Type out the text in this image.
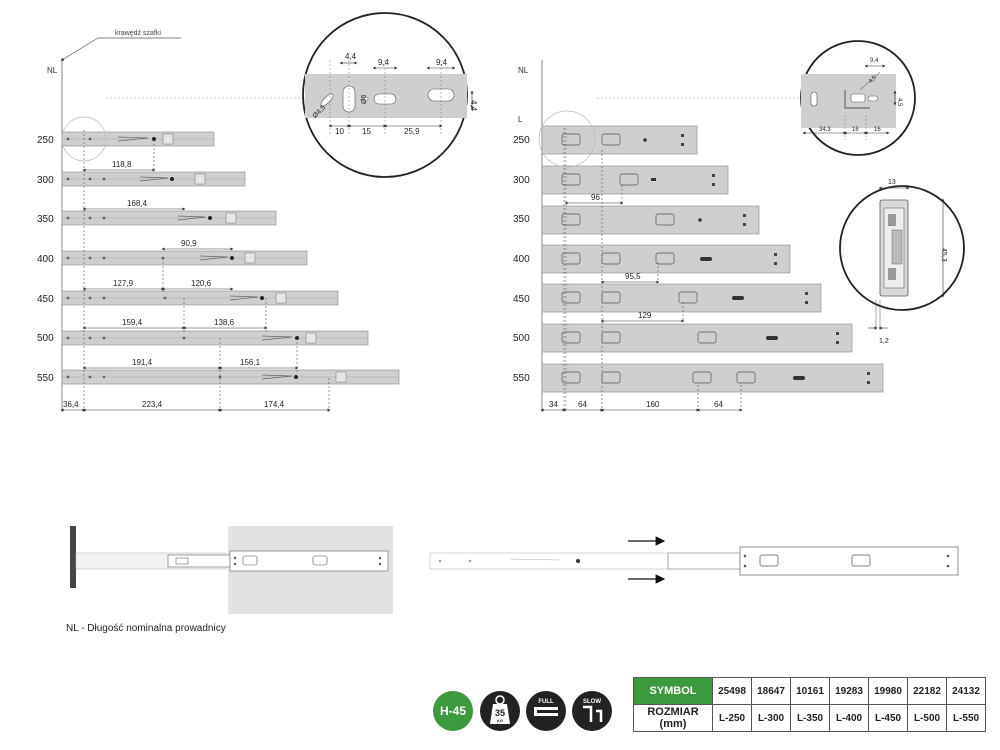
krawędź szafki
NL
250
300
350
400
450
500
550
118,8
168,4
90,9
127,9	120,6
159,4	138,6
191,4	156,1
36,4	223,4	174,4
4,4
9,4	9,4
4,4
10 15	25,9
Ø4,5
Ø6
NL
L
250
300
350
400
450
500
550
96
95,5
129
34	64	160	64
34,3	16	16
9,4
4,5
4,5
13
45,3
1,2
NL - Długość nominalna prowadnicy
H-45	35
KG
FULL	SLOW
SYMBOL	25498	18647	10161	19283	19980	22182	24132
ROZMIAR (mm)	L-250	L-300	L-350	L-400	L-450	L-500	L-550
